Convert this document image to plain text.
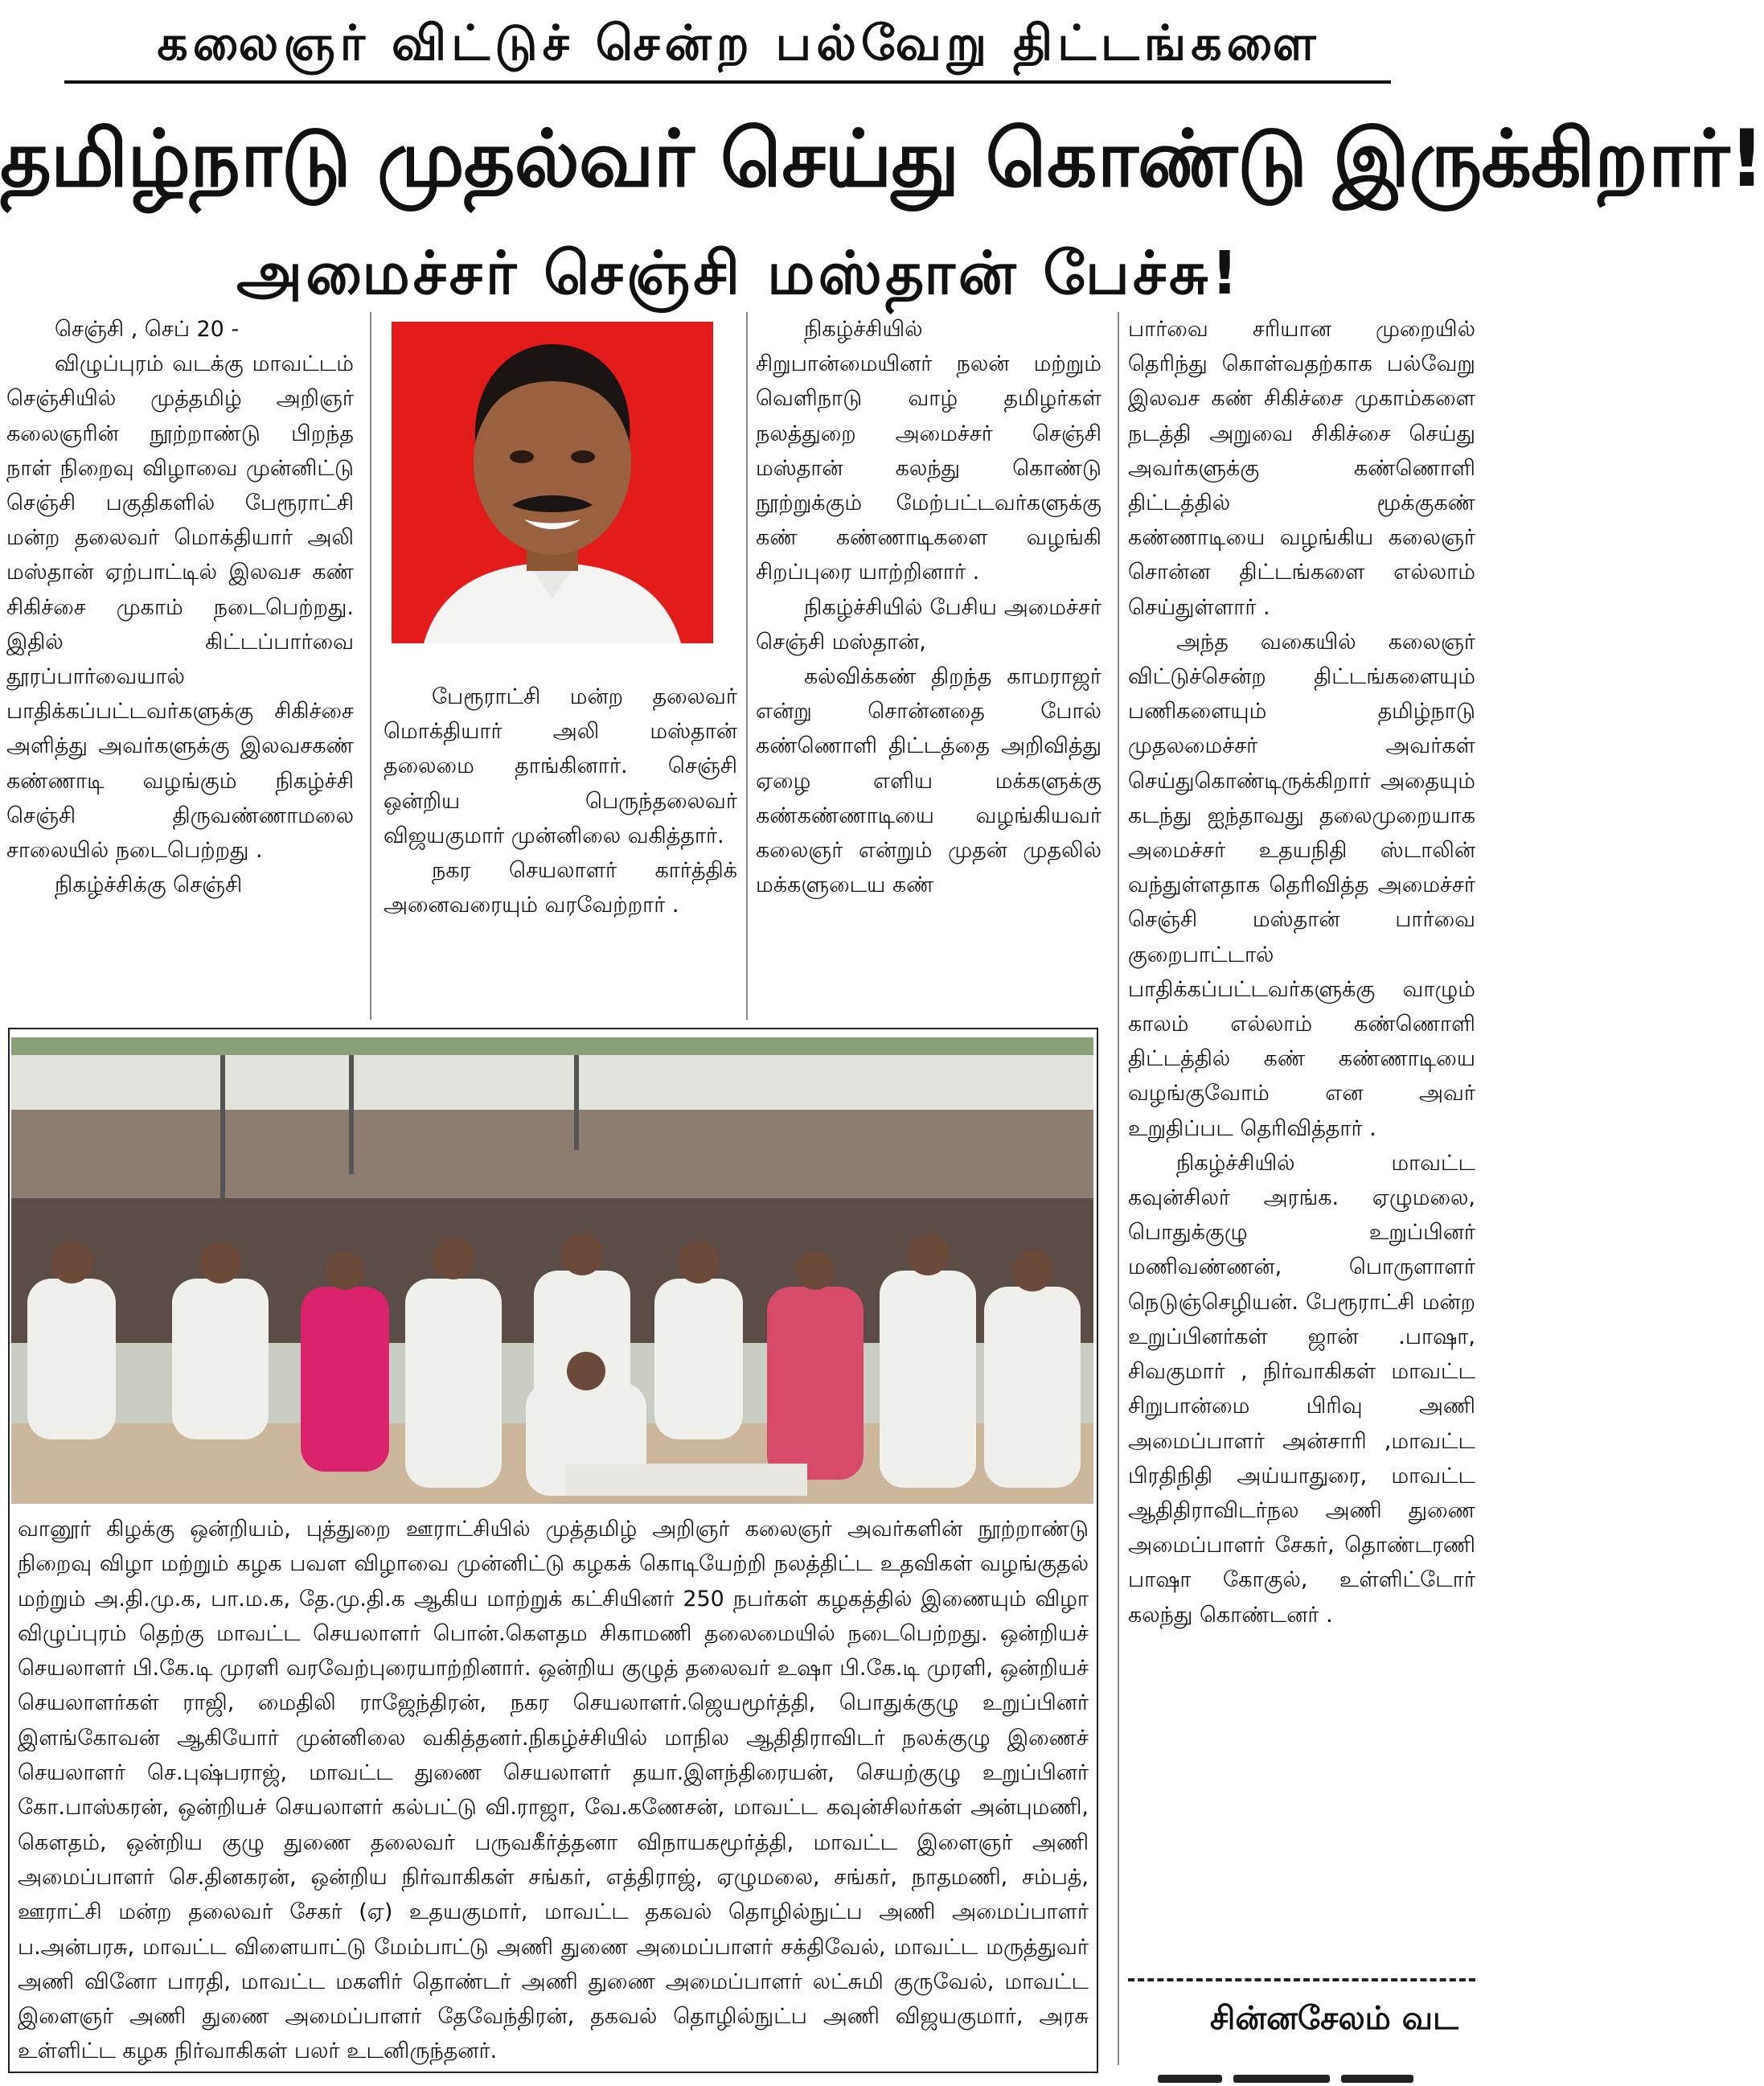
கலைஞர் விட்டுச் சென்ற பல்வேறு திட்டங்களை
தமிழ்நாடு முதல்வர் செய்து கொண்டு இருக்கிறார்!
அமைச்சர் செஞ்சி மஸ்தான் பேச்சு!

செஞ்சி , செப் 20 -

விழுப்புரம் வடக்கு மாவட்டம் செஞ்சியில் முத்தமிழ் அறிஞர் கலைஞரின் நூற்றாண்டு பிறந்த நாள் நிறைவு விழாவை முன்னிட்டு செஞ்சி பகுதிகளில் பேரூராட்சி மன்ற தலைவர் மொக்தியார் அலி மஸ்தான் ஏற்பாட்டில் இலவச கண் சிகிச்சை முகாம் நடைபெற்றது. இதில் கிட்டப்பார்வை தூரப்பார்வையால் பாதிக்கப்பட்டவர்களுக்கு சிகிச்சை அளித்து அவர்களுக்கு இலவசகண் கண்ணாடி வழங்கும் நிகழ்ச்சி செஞ்சி திருவண்ணாமலை சாலையில் நடைபெற்றது .

நிகழ்ச்சிக்கு செஞ்சி

பேரூராட்சி மன்ற தலைவர் மொக்தியார் அலி மஸ்தான் தலைமை தாங்கினார். செஞ்சி ஒன்றிய பெருந்தலைவர் விஜயகுமார் முன்னிலை வகித்தார்.

நகர செயலாளர் கார்த்திக் அனைவரையும் வரவேற்றார் .

நிகழ்ச்சியில் சிறுபான்மையினர் நலன் மற்றும் வெளிநாடு வாழ் தமிழர்கள் நலத்துறை அமைச்சர் செஞ்சி மஸ்தான் கலந்து கொண்டு நூற்றுக்கும் மேற்பட்டவர்களுக்கு கண் கண்ணாடிகளை வழங்கி சிறப்புரை யாற்றினார் .

நிகழ்ச்சியில் பேசிய அமைச்சர் செஞ்சி மஸ்தான்,

கல்விக்கண் திறந்த காமராஜர் என்று சொன்னதை போல் கண்ணொளி திட்டத்தை அறிவித்து ஏழை எளிய மக்களுக்கு கண்கண்ணாடியை வழங்கியவர் கலைஞர் என்றும் முதன் முதலில் மக்களுடைய கண்

பார்வை சரியான முறையில் தெரிந்து கொள்வதற்காக பல்வேறு இலவச கண் சிகிச்சை முகாம்களை நடத்தி அறுவை சிகிச்சை செய்து அவர்களுக்கு கண்ணொளி திட்டத்தில் மூக்குகண் கண்ணாடியை வழங்கிய கலைஞர் சொன்ன திட்டங்களை எல்லாம் செய்துள்ளார் .

அந்த வகையில் கலைஞர் விட்டுச்சென்ற திட்டங்களையும் பணிகளையும் தமிழ்நாடு முதலமைச்சர் அவர்கள் செய்துகொண்டிருக்கிறார் அதையும் கடந்து ஐந்தாவது தலைமுறையாக அமைச்சர் உதயநிதி ஸ்டாலின் வந்துள்ளதாக தெரிவித்த அமைச்சர் செஞ்சி மஸ்தான் பார்வை குறைபாட்டால் பாதிக்கப்பட்டவர்களுக்கு வாழும் காலம் எல்லாம் கண்ணொளி திட்டத்தில் கண் கண்ணாடியை வழங்குவோம் என அவர் உறுதிப்பட தெரிவித்தார் .

நிகழ்ச்சியில் மாவட்ட கவுன்சிலர் அரங்க. ஏழுமலை, பொதுக்குழு உறுப்பினர் மணிவண்ணன், பொருளாளர் நெடுஞ்செழியன். பேரூராட்சி மன்ற உறுப்பினர்கள் ஜான் .பாஷா, சிவகுமார் , நிர்வாகிகள் மாவட்ட சிறுபான்மை பிரிவு அணி அமைப்பாளர் அன்சாரி ,மாவட்ட பிரதிநிதி அய்யாதுரை, மாவட்ட ஆதிதிராவிடர்நல அணி துணை அமைப்பாளர் சேகர், தொண்டரணி பாஷா கோகுல், உள்ளிட்டோர் கலந்து கொண்டனர் .

வானூர் கிழக்கு ஒன்றியம், புத்துறை ஊராட்சியில் முத்தமிழ் அறிஞர் கலைஞர் அவர்களின் நூற்றாண்டு நிறைவு விழா மற்றும் கழக பவள விழாவை முன்னிட்டு கழகக் கொடியேற்றி நலத்திட்ட உதவிகள் வழங்குதல் மற்றும் அ.தி.மு.க, பா.ம.க, தே.மு.தி.க ஆகிய மாற்றுக் கட்சியினர் 250 நபர்கள் கழகத்தில் இணையும் விழா விழுப்புரம் தெற்கு மாவட்ட செயலாளர் பொன்.கௌதம சிகாமணி தலைமையில் நடைபெற்றது. ஒன்றியச் செயலாளர் பி.கே.டி முரளி வரவேற்புரையாற்றினார். ஒன்றிய குழுத் தலைவர் உஷா பி.கே.டி முரளி, ஒன்றியச் செயலாளர்கள் ராஜி, மைதிலி ராஜேந்திரன், நகர செயலாளர்.ஜெயமூர்த்தி, பொதுக்குழு உறுப்பினர் இளங்கோவன் ஆகியோர் முன்னிலை வகித்தனர்.நிகழ்ச்சியில் மாநில ஆதிதிராவிடர் நலக்குழு இணைச் செயலாளர் செ.புஷ்பராஜ், மாவட்ட துணை செயலாளர் தயா.இளந்திரையன், செயற்குழு உறுப்பினர் கோ.பாஸ்கரன், ஒன்றியச் செயலாளர் கல்பட்டு வி.ராஜா, வே.கணேசன், மாவட்ட கவுன்சிலர்கள் அன்புமணி, கௌதம், ஒன்றிய குழு துணை தலைவர் பருவகீர்த்தனா விநாயகமூர்த்தி, மாவட்ட இளைஞர் அணி அமைப்பாளர் செ.தினகரன், ஒன்றிய நிர்வாகிகள் சங்கர், எத்திராஜ், ஏழுமலை, சங்கர், நாதமணி, சம்பத், ஊராட்சி மன்ற தலைவர் சேகர் (ஏ) உதயகுமார், மாவட்ட தகவல் தொழில்நுட்ப அணி அமைப்பாளர் ப.அன்பரசு, மாவட்ட விளையாட்டு மேம்பாட்டு அணி துணை அமைப்பாளர் சக்திவேல், மாவட்ட மருத்துவர் அணி வினோ பாரதி, மாவட்ட மகளிர் தொண்டர் அணி துணை அமைப்பாளர் லட்சுமி குருவேல், மாவட்ட இளைஞர் அணி துணை அமைப்பாளர் தேவேந்திரன், தகவல் தொழில்நுட்ப அணி விஜயகுமார், அரசு உள்ளிட்ட கழக நிர்வாகிகள் பலர் உடனிருந்தனர்.
சின்னசேலம் வட
